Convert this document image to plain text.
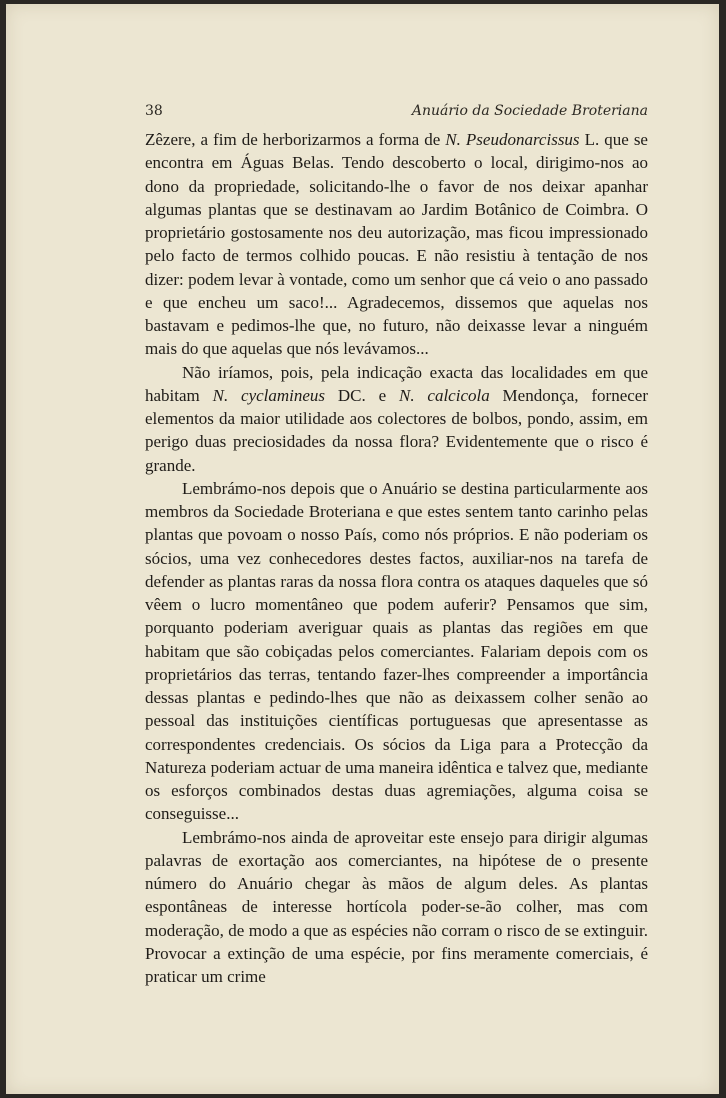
38	Anuário da Sociedade Broteriana

Zêzere, a fim de herborizarmos a forma de N. Pseudonarcissus L. que se encontra em Águas Belas. Tendo descoberto o local, dirigimo-nos ao dono da propriedade, solicitando-lhe o favor de nos deixar apanhar algumas plantas que se destinavam ao Jardim Botânico de Coimbra. O proprietário gostosamente nos deu autorização, mas ficou impressionado pelo facto de termos colhido poucas. E não resistiu à tentação de nos dizer: podem levar à vontade, como um senhor que cá veio o ano passado e que encheu um saco!... Agradecemos, dissemos que aquelas nos bastavam e pedimos-lhe que, no futuro, não deixasse levar a ninguém mais do que aquelas que nós levávamos...

Não iríamos, pois, pela indicação exacta das localidades em que habitam N. cyclamineus DC. e N. calcicola Mendonça, fornecer elementos da maior utilidade aos colectores de bolbos, pondo, assim, em perigo duas preciosidades da nossa flora? Evidentemente que o risco é grande.

Lembrámo-nos depois que o Anuário se destina particularmente aos membros da Sociedade Broteriana e que estes sentem tanto carinho pelas plantas que povoam o nosso País, como nós próprios. E não poderiam os sócios, uma vez conhecedores destes factos, auxiliar-nos na tarefa de defender as plantas raras da nossa flora contra os ataques daqueles que só vêem o lucro momentâneo que podem auferir? Pensamos que sim, porquanto poderiam averiguar quais as plantas das regiões em que habitam que são cobiçadas pelos comerciantes. Falariam depois com os proprietários das terras, tentando fazer-lhes compreender a importância dessas plantas e pedindo-lhes que não as deixassem colher senão ao pessoal das instituições científicas portuguesas que apresentasse as correspondentes credenciais. Os sócios da Liga para a Protecção da Natureza poderiam actuar de uma maneira idêntica e talvez que, mediante os esforços combinados destas duas agremiações, alguma coisa se conseguisse...

Lembrámo-nos ainda de aproveitar este ensejo para dirigir algumas palavras de exortação aos comerciantes, na hipótese de o presente número do Anuário chegar às mãos de algum deles. As plantas espontâneas de interesse hortícola poder-se-ão colher, mas com moderação, de modo a que as espécies não corram o risco de se extinguir. Provocar a extinção de uma espécie, por fins meramente comerciais, é praticar um crime
